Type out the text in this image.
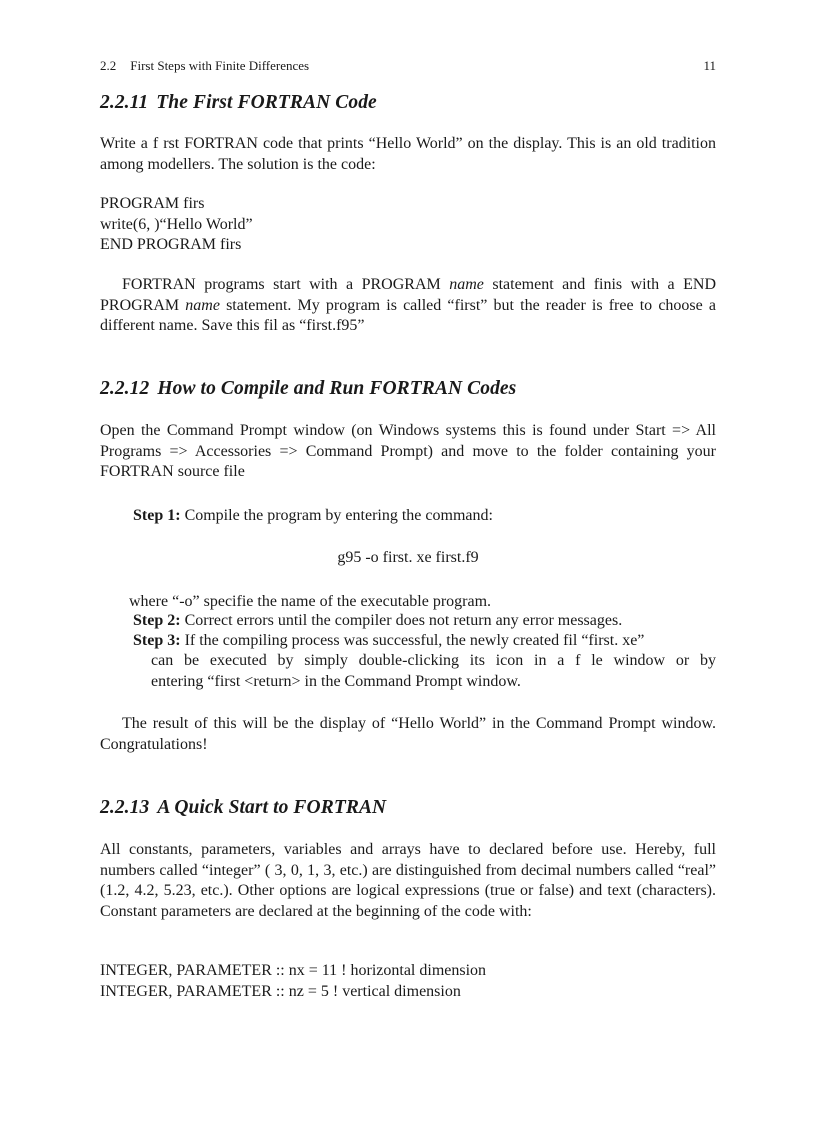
2.2 First Steps with Finite Differences	11
2.2.11 The First FORTRAN Code

Write a f rst FORTRAN code that prints “Hello World” on the display. This is an old tradition among modellers. The solution is the code:

PROGRAM firs

write(6, )“Hello World”

END PROGRAM firs

FORTRAN programs start with a PROGRAM name statement and finis with a END PROGRAM name statement. My program is called “first” but the reader is free to choose a different name. Save this fil as “first.f95”

2.2.12 How to Compile and Run FORTRAN Codes

Open the Command Prompt window (on Windows systems this is found under Start => All Programs => Accessories => Command Prompt) and move to the folder containing your FORTRAN source file

Step 1: Compile the program by entering the command:

g95 -o first. xe first.f9

where “-o” specifie the name of the executable program.

Step 2: Correct errors until the compiler does not return any error messages.

Step 3: If the compiling process was successful, the newly created fil “first. xe”

can be executed by simply double-clicking its icon in a f le window or by

entering “first <return> in the Command Prompt window.

The result of this will be the display of “Hello World” in the Command Prompt window. Congratulations!

2.2.13 A Quick Start to FORTRAN

All constants, parameters, variables and arrays have to declared before use. Hereby, full numbers called “integer” ( 3, 0, 1, 3, etc.) are distinguished from decimal numbers called “real” (1.2, 4.2, 5.23, etc.). Other options are logical expressions (true or false) and text (characters). Constant parameters are declared at the beginning of the code with:

INTEGER, PARAMETER :: nx = 11 ! horizontal dimension

INTEGER, PARAMETER :: nz = 5 ! vertical dimension
